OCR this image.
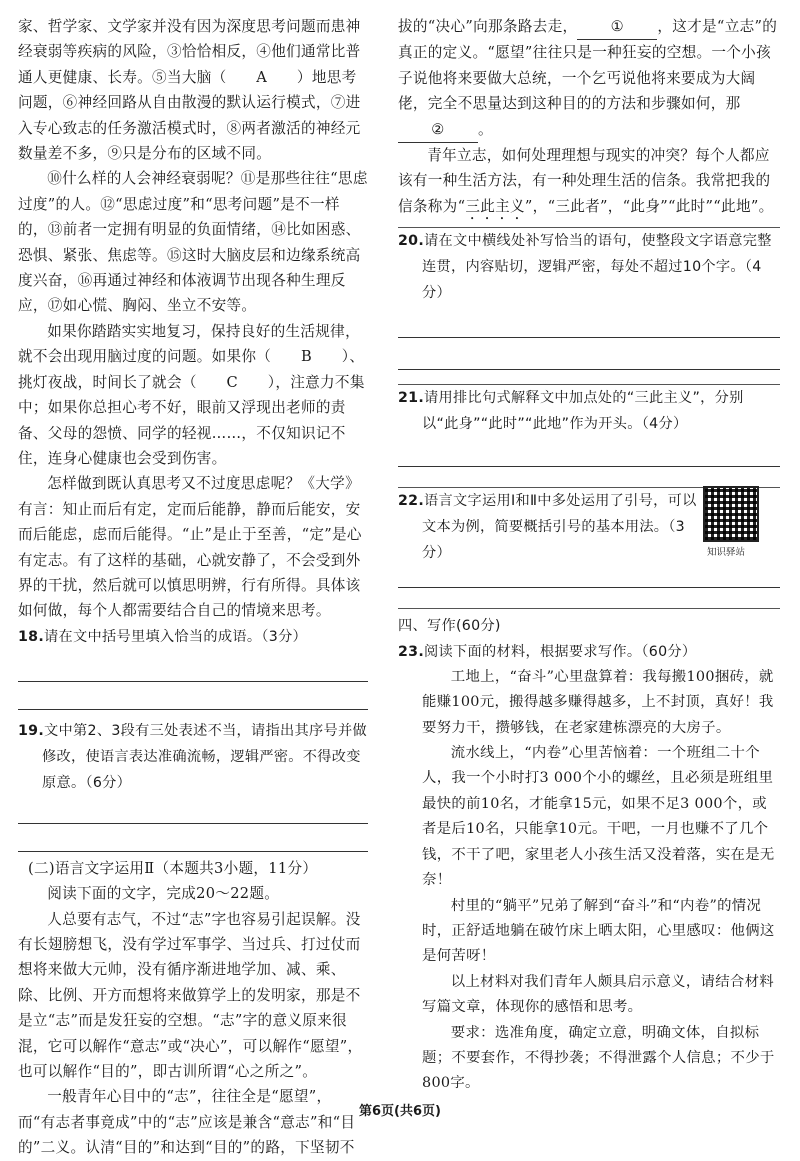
家、哲学家、文学家并没有因为深度思考问题而患神经衰弱等疾病的风险，③恰恰相反，④他们通常比普通人更健康、长寿。⑤当大脑（　　A　　）地思考问题，⑥神经回路从自由散漫的默认运行模式，⑦进入专心致志的任务激活模式时，⑧两者激活的神经元数量差不多，⑨只是分布的区域不同。

⑩什么样的人会神经衰弱呢？⑪是那些往往“思虑过度”的人。⑫“思虑过度”和“思考问题”是不一样的，⑬前者一定拥有明显的负面情绪，⑭比如困惑、恐惧、紧张、焦虑等。⑮这时大脑皮层和边缘系统高度兴奋，⑯再通过神经和体液调节出现各种生理反应，⑰如心慌、胸闷、坐立不安等。

如果你踏踏实实地复习，保持良好的生活规律，就不会出现用脑过度的问题。如果你（　　B　　）、挑灯夜战，时间长了就会（　　C　　），注意力不集中；如果你总担心考不好，眼前又浮现出老师的责备、父母的怨愤、同学的轻视……，不仅知识记不住，连身心健康也会受到伤害。

怎样做到既认真思考又不过度思虑呢？《大学》有言：知止而后有定，定而后能静，静而后能安，安而后能虑，虑而后能得。“止”是止于至善，“定”是心有定志。有了这样的基础，心就安静了，不会受到外界的干扰，然后就可以慎思明辨，行有所得。具体该如何做，每个人都需要结合自己的情境来思考。

18.请在文中括号里填入恰当的成语。（3分）

19.文中第2、3段有三处表述不当，请指出其序号并做修改，使语言表达准确流畅，逻辑严密。不得改变原意。（6分）

(二)语言文字运用Ⅱ（本题共3小题，11分）

阅读下面的文字，完成20～22题。

人总要有志气，不过“志”字也容易引起误解。没有长翅膀想飞，没有学过军事学、当过兵、打过仗而想将来做大元帅，没有循序渐进地学加、减、乘、除、比例、开方而想将来做算学上的发明家，那是不是立“志”而是发狂妄的空想。“志”字的意义原来很混，它可以解作“意志”或“决心”，可以解作“愿望”，也可以解作“目的”，即古训所谓“心之所之”。

一般青年心目中的“志”，往往全是“愿望”，而“有志者事竟成”中的“志”应该是兼含“意志”和“目的”二义。认清“目的”和达到“目的”的路，下坚韧不

拔的“决心”向那条路去走， ① ，这才是“立志”的真正的定义。“愿望”往往只是一种狂妄的空想。一个小孩子说他将来要做大总统，一个乞丐说他将来要成为大阔佬，完全不思量达到这种目的的方法和步骤如何，那② 。

青年立志，如何处理理想与现实的冲突？每个人都应该有一种生活方法，有一种处理生活的信条。我常把我的信条称为“三此主义”，“三此者”，“此身”“此时”“此地”。

20.请在文中横线处补写恰当的语句，使整段文字语意完整连贯，内容贴切，逻辑严密，每处不超过10个字。（4分）

21.请用排比句式解释文中加点处的“三此主义”，分别以“此身”“此时”“此地”作为开头。（4分）

22.语言文字运用Ⅰ和Ⅱ中多处运用了引号，可以文本为例，简要概括引号的基本用法。（3分）

四、写作(60分)

23.阅读下面的材料，根据要求写作。（60分）

工地上，“奋斗”心里盘算着：我每搬100捆砖，就能赚100元，搬得越多赚得越多，上不封顶，真好！我要努力干，攒够钱，在老家建栋漂亮的大房子。

流水线上，“内卷”心里苦恼着：一个班组二十个人，我一个小时打3 000个小的螺丝，且必须是班组里最快的前10名，才能拿15元，如果不足3 000个，或者是后10名，只能拿10元。干吧，一月也赚不了几个钱，不干了吧，家里老人小孩生活又没着落，实在是无奈！

村里的“躺平”兄弟了解到“奋斗”和“内卷”的情况时，正舒适地躺在破竹床上晒太阳，心里感叹：他俩这是何苦呀！

以上材料对我们青年人颇具启示意义，请结合材料写篇文章，体现你的感悟和思考。

要求：选准角度，确定立意，明确文体，自拟标题；不要套作，不得抄袭；不得泄露个人信息；不少于800字。

知识驿站
第6页(共6页)
